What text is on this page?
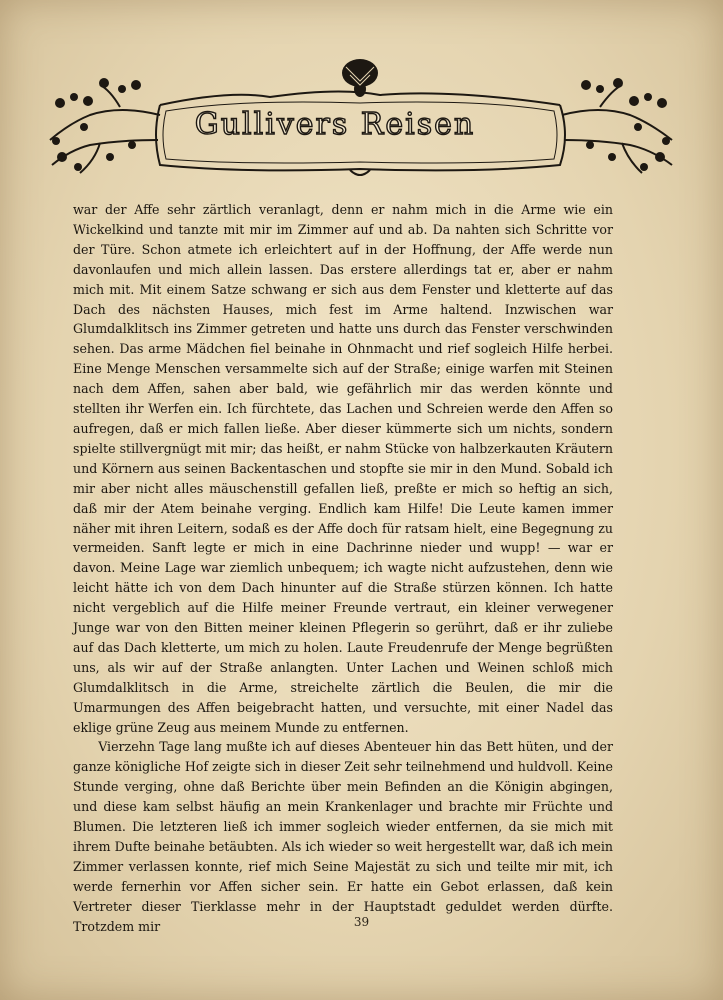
Gullivers Reisen

war der Affe sehr zärtlich veranlagt, denn er nahm mich in die Arme wie ein Wickelkind und tanzte mit mir im Zimmer auf und ab. Da nahten sich Schritte vor der Türe. Schon atmete ich erleichtert auf in der Hoffnung, der Affe werde nun davonlaufen und mich allein lassen. Das erstere allerdings tat er, aber er nahm mich mit. Mit einem Satze schwang er sich aus dem Fenster und kletterte auf das Dach des nächsten Hauses, mich fest im Arme haltend. Inzwischen war Glumdalklitsch ins Zimmer getreten und hatte uns durch das Fenster verschwinden sehen. Das arme Mädchen fiel beinahe in Ohnmacht und rief sogleich Hilfe herbei. Eine Menge Menschen versammelte sich auf der Straße; einige warfen mit Steinen nach dem Affen, sahen aber bald, wie gefährlich mir das werden könnte und stellten ihr Werfen ein. Ich fürchtete, das Lachen und Schreien werde den Affen so aufregen, daß er mich fallen ließe. Aber dieser kümmerte sich um nichts, sondern spielte stillvergnügt mit mir; das heißt, er nahm Stücke von halbzerkauten Kräutern und Körnern aus seinen Backentaschen und stopfte sie mir in den Mund. Sobald ich mir aber nicht alles mäuschenstill gefallen ließ, preßte er mich so heftig an sich, daß mir der Atem beinahe verging. Endlich kam Hilfe! Die Leute kamen immer näher mit ihren Leitern, sodaß es der Affe doch für ratsam hielt, eine Begegnung zu vermeiden. Sanft legte er mich in eine Dachrinne nieder und wupp! — war er davon. Meine Lage war ziemlich unbequem; ich wagte nicht aufzustehen, denn wie leicht hätte ich von dem Dach hinunter auf die Straße stürzen können. Ich hatte nicht vergeblich auf die Hilfe meiner Freunde vertraut, ein kleiner verwegener Junge war von den Bitten meiner kleinen Pflegerin so gerührt, daß er ihr zuliebe auf das Dach kletterte, um mich zu holen. Laute Freudenrufe der Menge begrüßten uns, als wir auf der Straße anlangten. Unter Lachen und Weinen schloß mich Glumdalklitsch in die Arme, streichelte zärtlich die Beulen, die mir die Umarmungen des Affen beigebracht hatten, und versuchte, mit einer Nadel das eklige grüne Zeug aus meinem Munde zu entfernen.

Vierzehn Tage lang mußte ich auf dieses Abenteuer hin das Bett hüten, und der ganze königliche Hof zeigte sich in dieser Zeit sehr teilnehmend und huldvoll. Keine Stunde verging, ohne daß Berichte über mein Befinden an die Königin abgingen, und diese kam selbst häufig an mein Krankenlager und brachte mir Früchte und Blumen. Die letzteren ließ ich immer sogleich wieder entfernen, da sie mich mit ihrem Dufte beinahe betäubten. Als ich wieder so weit hergestellt war, daß ich mein Zimmer verlassen konnte, rief mich Seine Majestät zu sich und teilte mir mit, ich werde fernerhin vor Affen sicher sein. Er hatte ein Gebot erlassen, daß kein Vertreter dieser Tierklasse mehr in der Hauptstadt geduldet werden dürfte. Trotzdem mir	39
